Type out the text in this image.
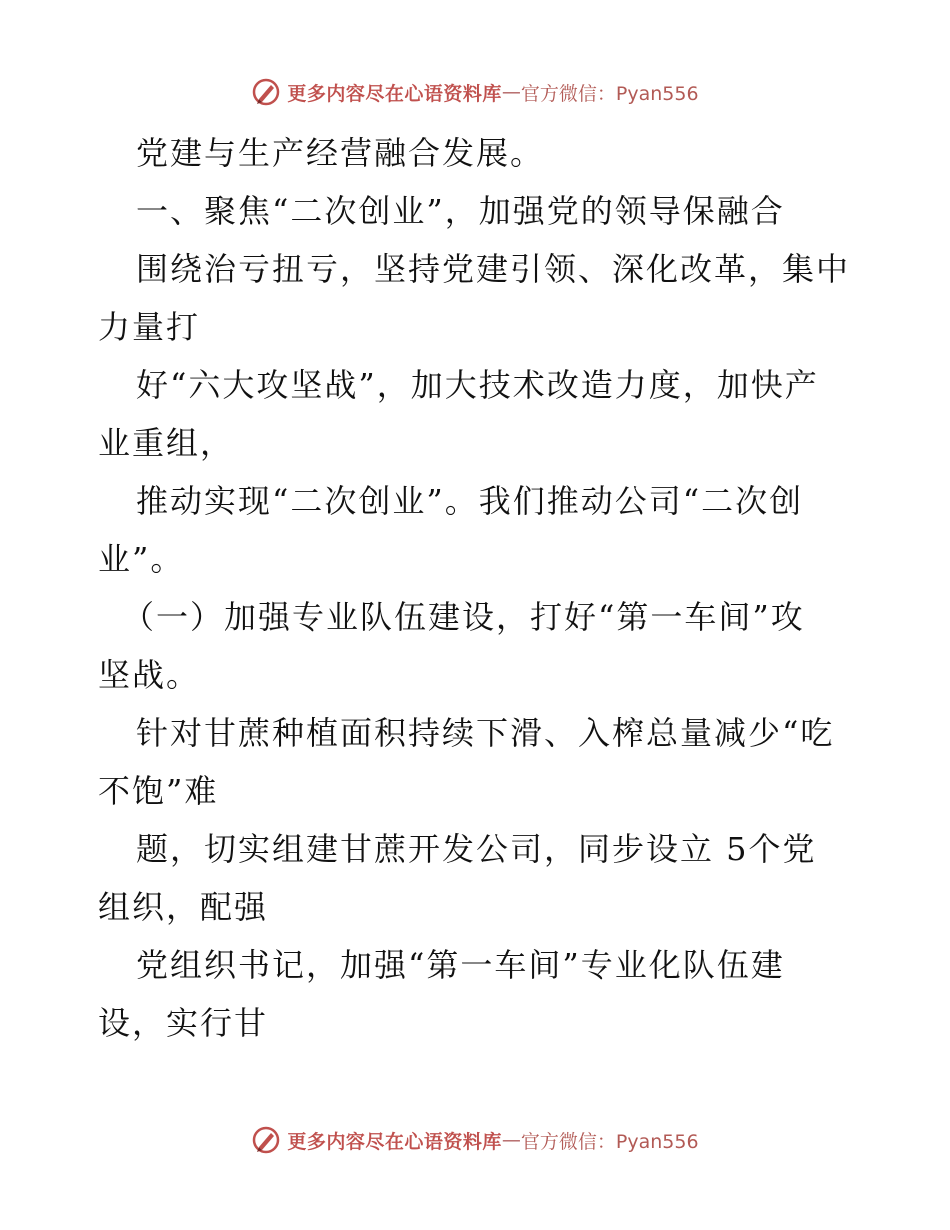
更多内容尽在心语资料库 — 官方微信：Pyan556
党建与生产经营融合发展。
一、聚焦“二次创业”，加强党的领导保融合
围绕治亏扭亏，坚持党建引领、深化改革，集中
力量打
好“六大攻坚战”，加大技术改造力度，加快产
业重组，
推动实现“二次创业”。我们推动公司“二次创
业”。
（一）加强专业队伍建设，打好“第一车间”攻
坚战。
针对甘蔗种植面积持续下滑、入榨总量减少“吃
不饱”难
题，切实组建甘蔗开发公司，同步设立 5个党
组织，配强
党组织书记，加强“第一车间”专业化队伍建
设，实行甘
更多内容尽在心语资料库 — 官方微信：Pyan556
